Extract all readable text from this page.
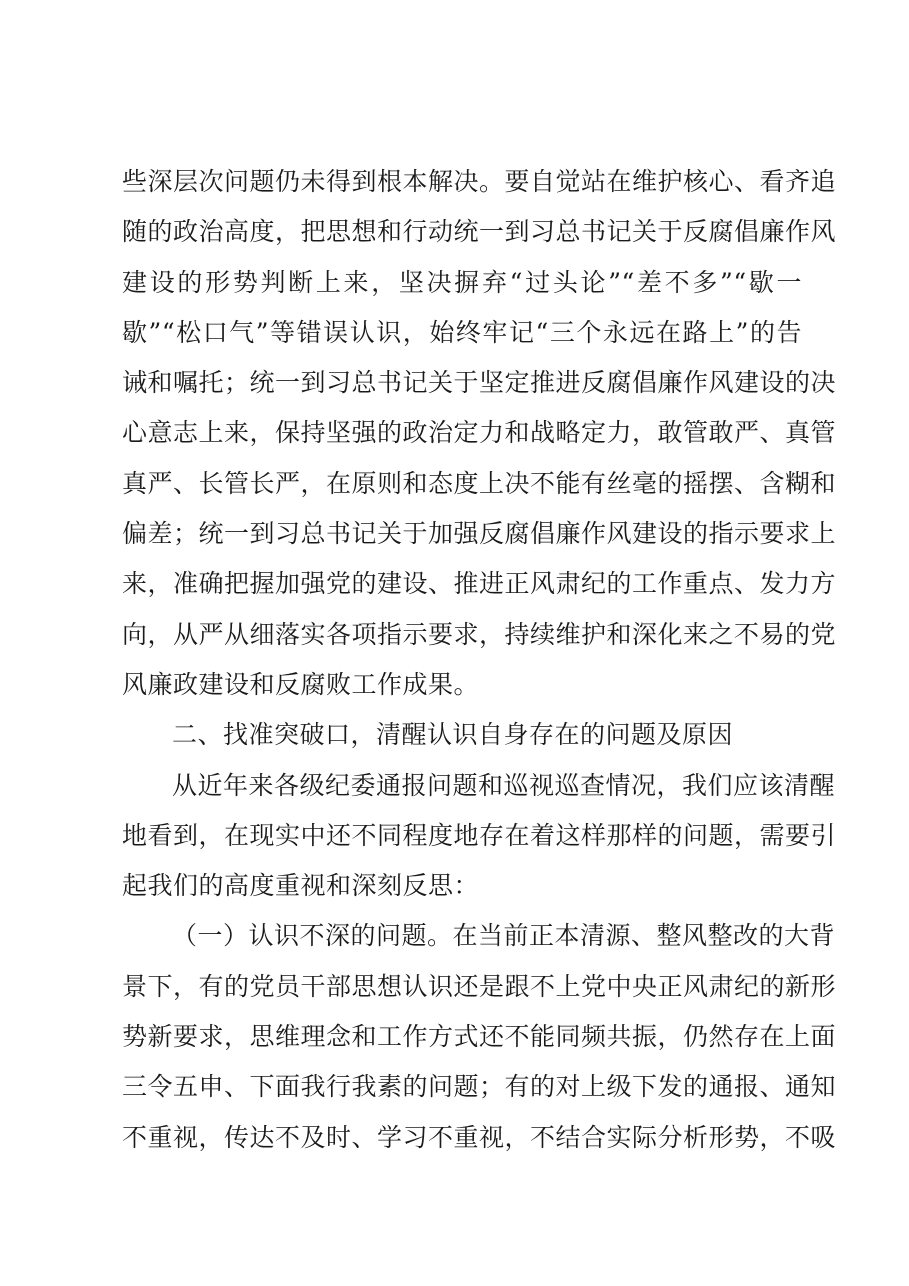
些深层次问题仍未得到根本解决。要自觉站在维护核心、看齐追
随的政治高度，把思想和行动统一到习总书记关于反腐倡廉作风
建设的形势判断上来，坚决摒弃“过头论”“差不多”“歇一
歇”“松口气”等错误认识，始终牢记“三个永远在路上”的告
诫和嘱托；统一到习总书记关于坚定推进反腐倡廉作风建设的决
心意志上来，保持坚强的政治定力和战略定力，敢管敢严、真管
真严、长管长严，在原则和态度上决不能有丝毫的摇摆、含糊和
偏差；统一到习总书记关于加强反腐倡廉作风建设的指示要求上
来，准确把握加强党的建设、推进正风肃纪的工作重点、发力方
向，从严从细落实各项指示要求，持续维护和深化来之不易的党
风廉政建设和反腐败工作成果。
二、找准突破口，清醒认识自身存在的问题及原因
从近年来各级纪委通报问题和巡视巡查情况，我们应该清醒
地看到，在现实中还不同程度地存在着这样那样的问题，需要引
起我们的高度重视和深刻反思：
（一）认识不深的问题。在当前正本清源、整风整改的大背
景下，有的党员干部思想认识还是跟不上党中央正风肃纪的新形
势新要求，思维理念和工作方式还不能同频共振，仍然存在上面
三令五申、下面我行我素的问题；有的对上级下发的通报、通知
不重视，传达不及时、学习不重视，不结合实际分析形势，不吸
